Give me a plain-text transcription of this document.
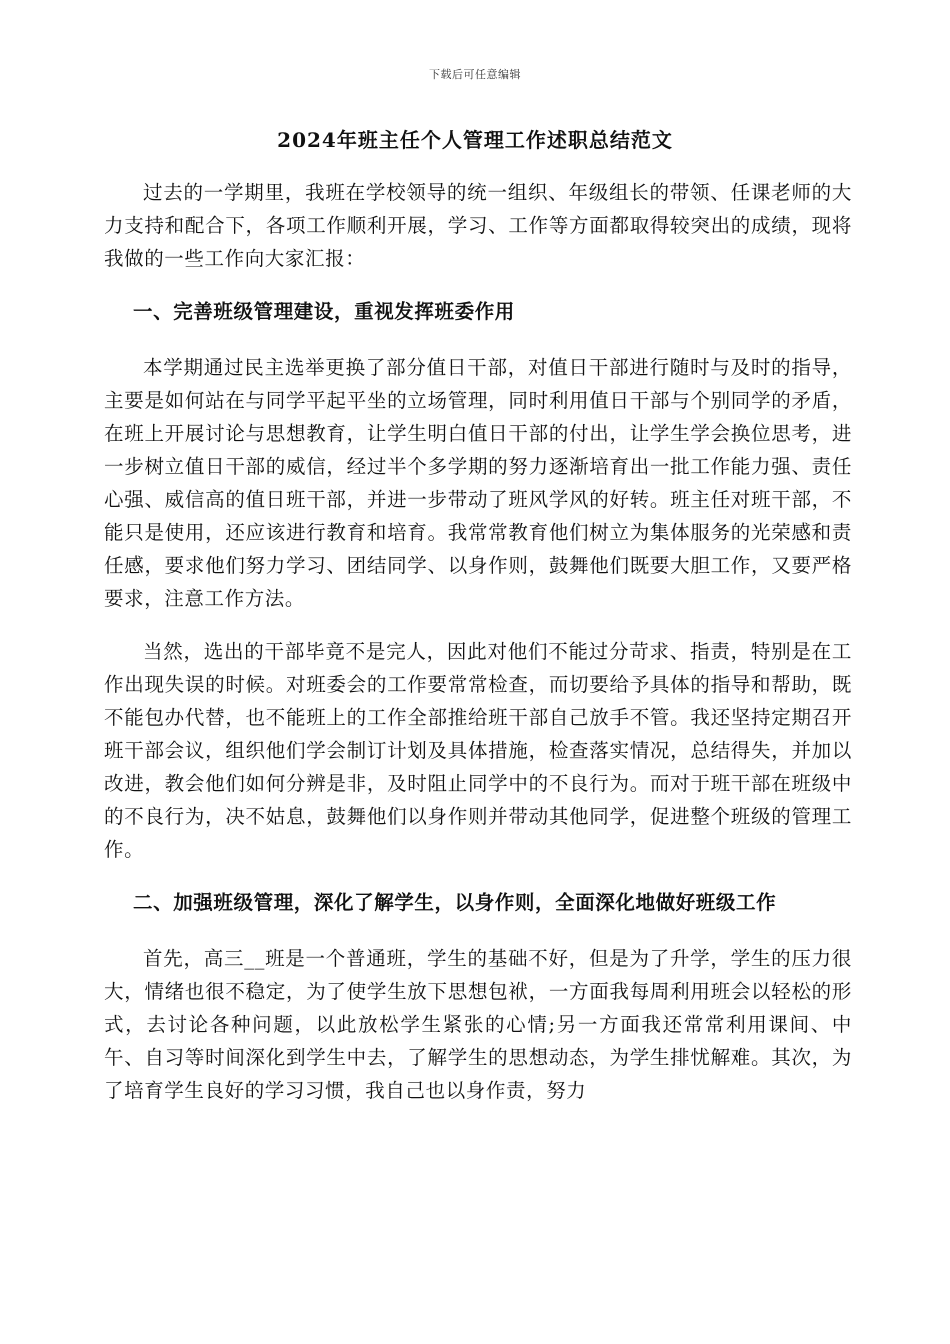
下载后可任意编辑
2024年班主任个人管理工作述职总结范文

过去的一学期里，我班在学校领导的统一组织、年级组长的带领、任课老师的大力支持和配合下，各项工作顺利开展，学习、工作等方面都取得较突出的成绩，现将我做的一些工作向大家汇报：

一、完善班级管理建设，重视发挥班委作用

本学期通过民主选举更换了部分值日干部，对值日干部进行随时与及时的指导，主要是如何站在与同学平起平坐的立场管理，同时利用值日干部与个别同学的矛盾，在班上开展讨论与思想教育，让学生明白值日干部的付出，让学生学会换位思考，进一步树立值日干部的威信，经过半个多学期的努力逐渐培育出一批工作能力强、责任心强、威信高的值日班干部，并进一步带动了班风学风的好转。班主任对班干部，不能只是使用，还应该进行教育和培育。我常常教育他们树立为集体服务的光荣感和责任感，要求他们努力学习、团结同学、以身作则，鼓舞他们既要大胆工作，又要严格要求，注意工作方法。

当然，选出的干部毕竟不是完人，因此对他们不能过分苛求、指责，特别是在工作出现失误的时候。对班委会的工作要常常检查，而切要给予具体的指导和帮助，既不能包办代替，也不能班上的工作全部推给班干部自己放手不管。我还坚持定期召开班干部会议，组织他们学会制订计划及具体措施，检查落实情况，总结得失，并加以改进，教会他们如何分辨是非，及时阻止同学中的不良行为。而对于班干部在班级中的不良行为，决不姑息，鼓舞他们以身作则并带动其他同学，促进整个班级的管理工作。

二、加强班级管理，深化了解学生，以身作则，全面深化地做好班级工作

首先，高三__班是一个普通班，学生的基础不好，但是为了升学，学生的压力很大，情绪也很不稳定，为了使学生放下思想包袱，一方面我每周利用班会以轻松的形式，去讨论各种问题，以此放松学生紧张的心情;另一方面我还常常利用课间、中午、自习等时间深化到学生中去，了解学生的思想动态，为学生排忧解难。其次，为了培育学生良好的学习习惯，我自己也以身作责，努力
